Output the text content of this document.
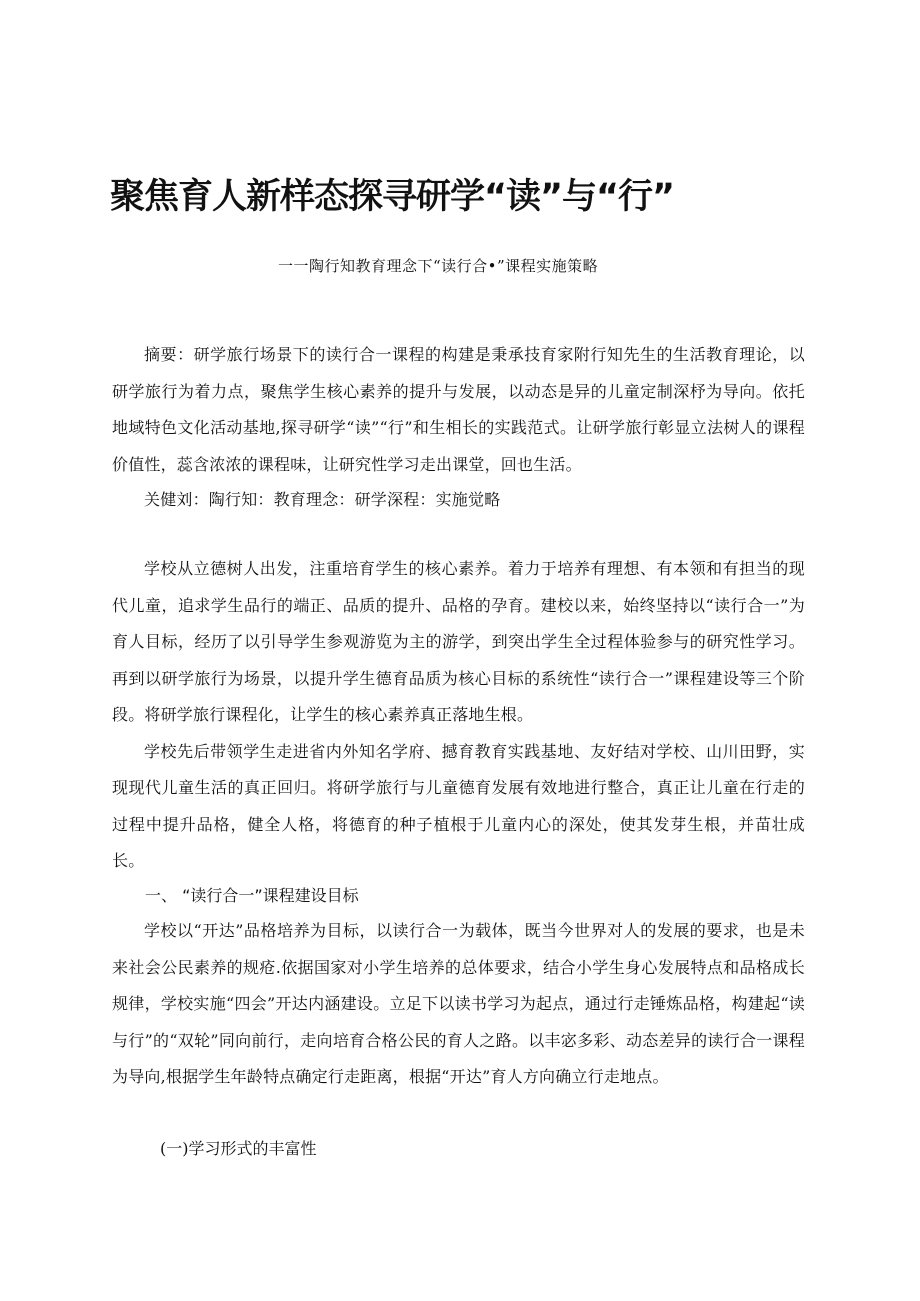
聚焦育人新样态探寻研学“读”与“行”
一一陶行知教育理念下“读行合•”课程实施策略

摘要：研学旅行场景下的读行合一课程的构建是秉承技育家附行知先生的生活教育理论，以研学旅行为着力点，聚焦学生核心素养的提升与发展，以动态是异的儿童定制深杼为导向。依托地域特色文化活动基地,探寻研学“读”“行”和生相长的实践范式。让研学旅行彰显立法树人的课程价值性，蕊含浓浓的课程味，让研究性学习走出课堂，回也生活。

关健刘：陶行知：教育理念：研学深程：实施觉略

学校从立德树人出发，注重培育学生的核心素养。着力于培养有理想、有本领和有担当的现代儿童，追求学生品行的端正、品质的提升、品格的孕育。建校以来，始终坚持以“读行合一”为育人目标，经历了以引导学生参观游览为主的游学，到突出学生全过程体验参与的研究性学习。再到以研学旅行为场景，以提升学生德育品质为核心目标的系统性“读行合一”课程建设等三个阶段。将研学旅行课程化，让学生的核心素养真正落地生根。

学校先后带领学生走进省内外知名学府、撼育教育实践基地、友好结对学校、山川田野，实现现代儿童生活的真正回归。将研学旅行与儿童德育发展有效地进行整合，真正让儿童在行走的过程中提升品格，健全人格，将德育的种子植根于儿童内心的深处，使其发芽生根，并苗壮成长。

一、 “读行合一”课程建设目标

学校以“开达”品格培养为目标，以读行合一为载体，既当今世界对人的发展的要求，也是未来社会公民素养的规疮.依据国家对小学生培养的总体要求，结合小学生身心发展特点和品格成长规律，学校实施“四会”开达内涵建设。立足下以读书学习为起点，通过行走锤炼品格，构建起“读与行”的“双轮”同向前行，走向培育合格公民的育人之路。以丰宓多彩、动态差异的读行合一课程为导向,根据学生年龄特点确定行走距离，根据“开达”育人方向确立行走地点。

(一)学习形式的丰富性
